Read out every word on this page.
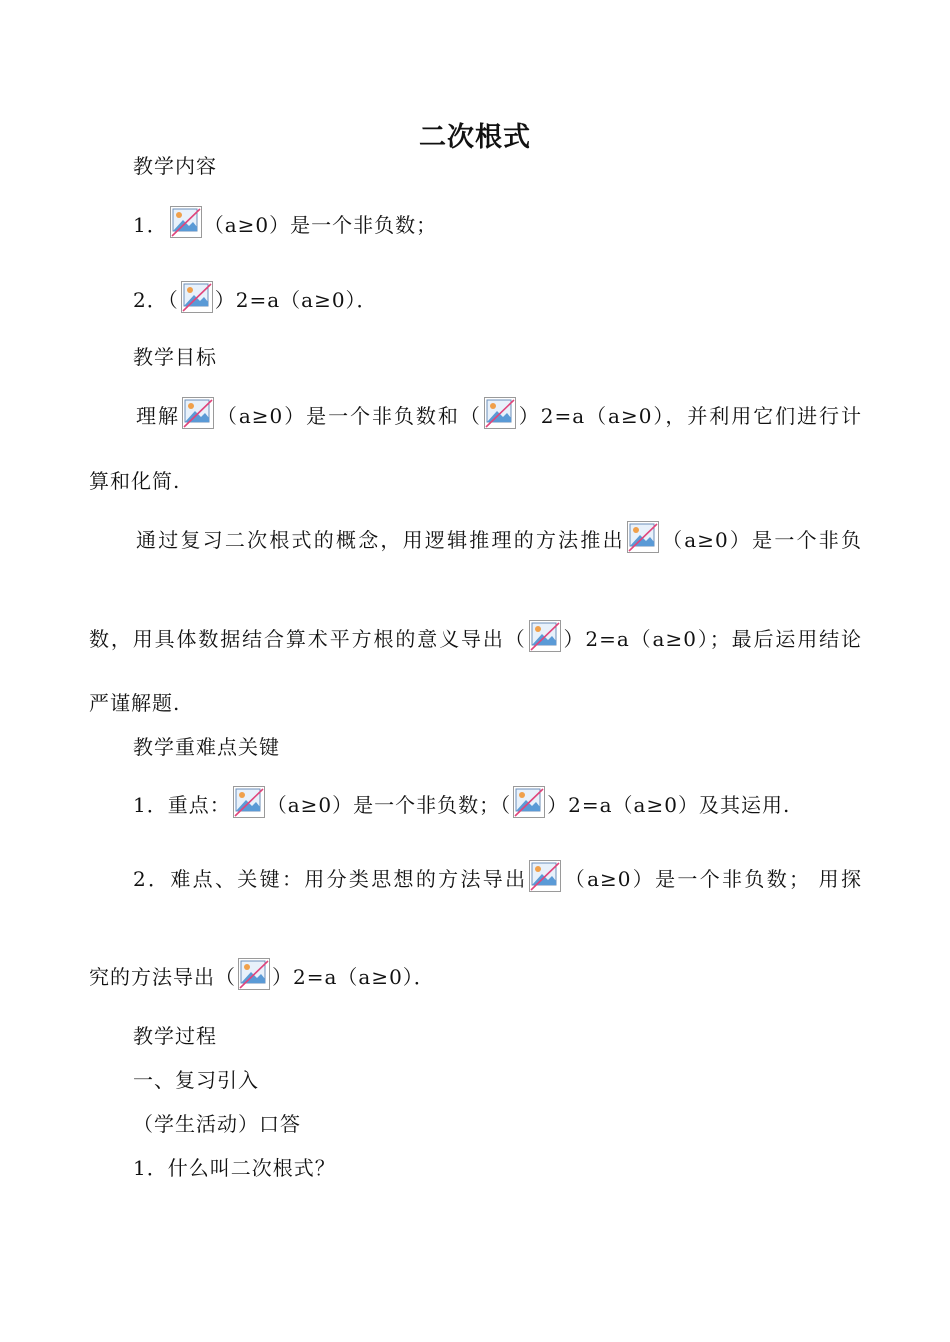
二次根式
教学内容
1． （a≥0）是一个非负数；
2．（ ）2=a（a≥0）．
教学目标
理解 （a≥0）是一个非负数和（ ）2=a（a≥0），并利用它们进行计
算和化简.
通过复习二次根式的概念，用逻辑推理的方法推出 （a≥0）是一个非负
数，用具体数据结合算术平方根的意义导出（ ）2=a（a≥0）；最后运用结论
严谨解题.
教学重难点关键
1．重点： （a≥0）是一个非负数；（ ）2=a（a≥0）及其运用.
2．难点、关键：用分类思想的方法导出 （a≥0）是一个非负数； 用探
究的方法导出（ ）2=a（a≥0）．
教学过程
一、复习引入
（学生活动）口答
1．什么叫二次根式？
